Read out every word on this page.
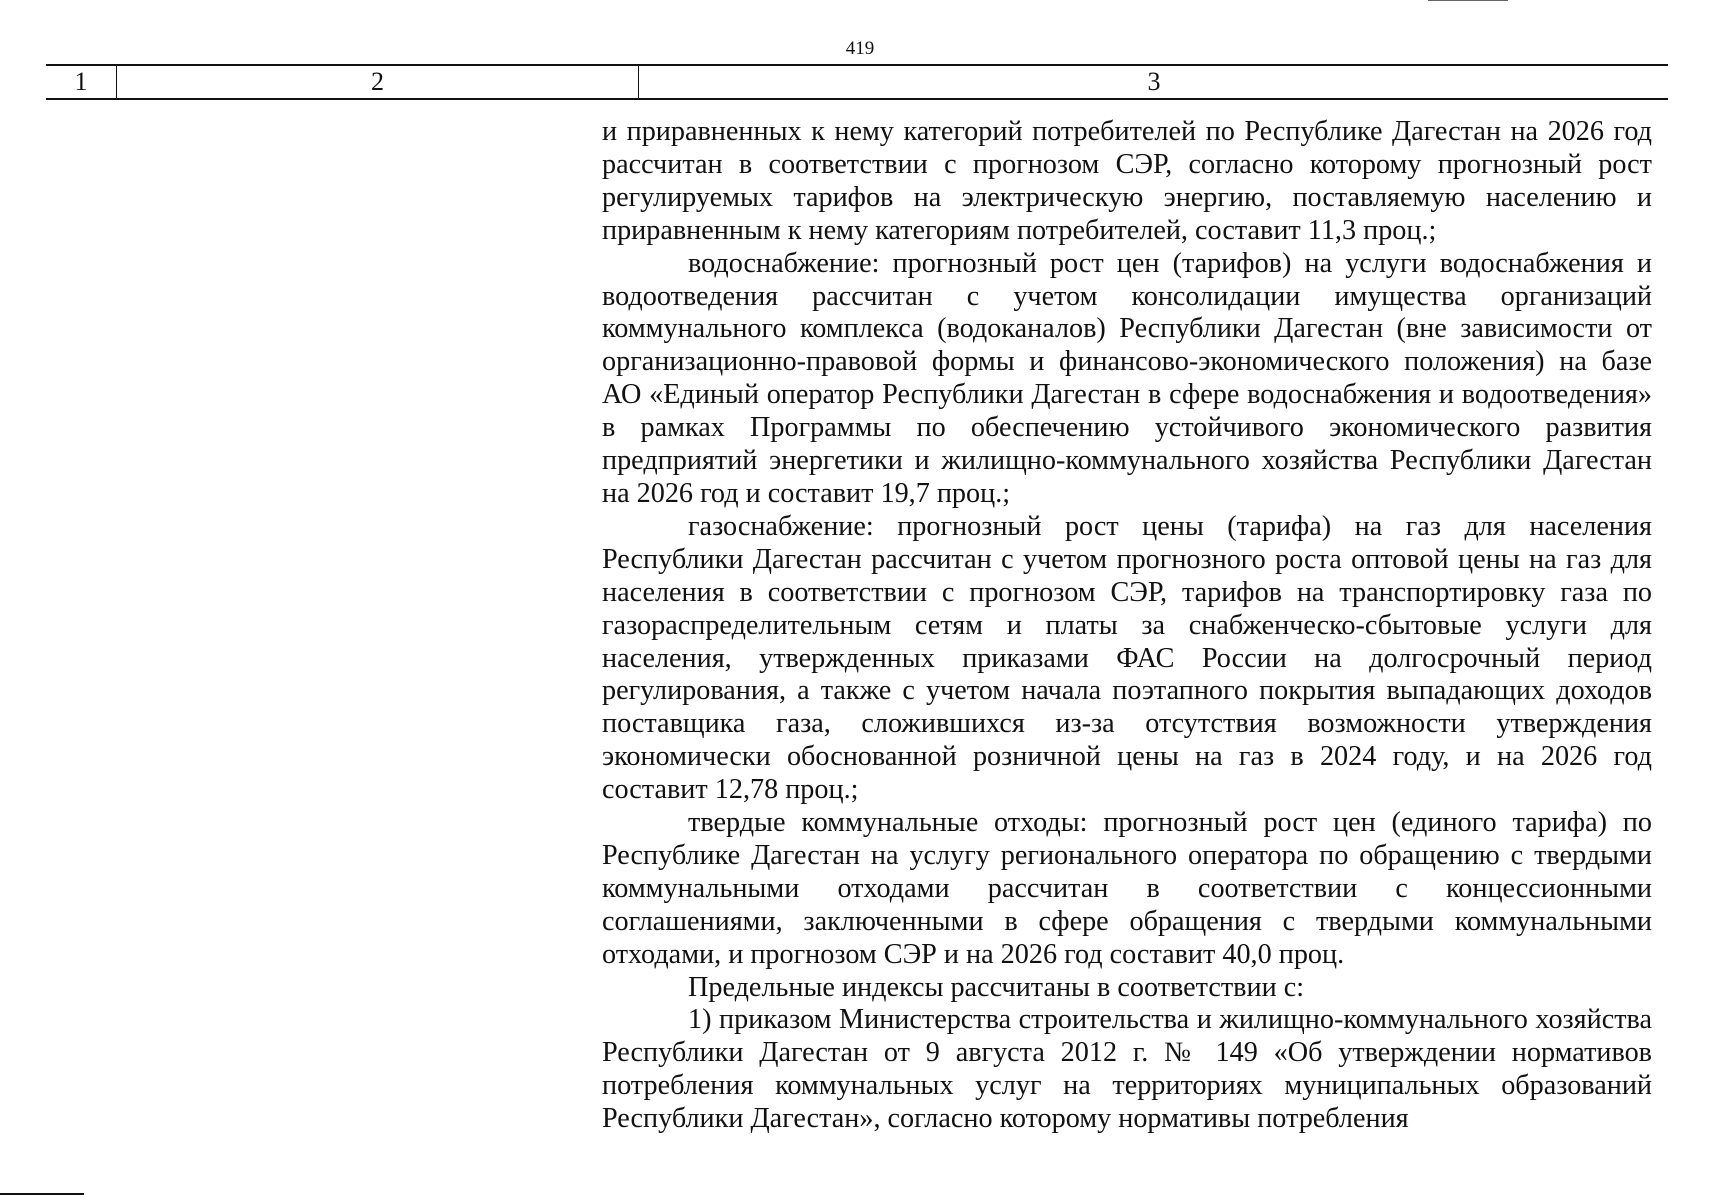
419
1	2	3

и приравненных к нему категорий потребителей по Республике Дагестан на 2026 год рассчитан в соответствии с прогнозом СЭР, согласно которому прогнозный рост регулируемых тарифов на электрическую энергию, поставляемую населению и приравненным к нему категориям потребителей, составит 11,3 проц.;

водоснабжение: прогнозный рост цен (тарифов) на услуги водоснабжения и водоотведения рассчитан с учетом консолидации имущества организаций коммунального комплекса (водоканалов) Республики Дагестан (вне зависимости от организационно-правовой формы и финансово-экономического положения) на базе АО «Единый оператор Республики Дагестан в сфере водоснабжения и водоотведения» в рамках Программы по обеспечению устойчивого экономического развития предприятий энергетики и жилищно-коммунального хозяйства Республики Дагестан на 2026 год и составит 19,7 проц.;

газоснабжение: прогнозный рост цены (тарифа) на газ для населения Республики Дагестан рассчитан с учетом прогнозного роста оптовой цены на газ для населения в соответствии с прогнозом СЭР, тарифов на транспортировку газа по газораспределительным сетям и платы за снабженческо-сбытовые услуги для населения, утвержденных приказами ФАС России на долгосрочный период регулирования, а также с учетом начала поэтапного покрытия выпадающих доходов поставщика газа, сложившихся из-за отсутствия возможности утверждения экономически обоснованной розничной цены на газ в 2024 году, и на 2026 год составит 12,78 проц.;

твердые коммунальные отходы: прогнозный рост цен (единого тарифа) по Республике Дагестан на услугу регионального оператора по обращению с твердыми коммунальными отходами рассчитан в соответствии с концессионными соглашениями, заключенными в сфере обращения с твердыми коммунальными отходами, и прогнозом СЭР и на 2026 год составит 40,0 проц.

Предельные индексы рассчитаны в соответствии с:

1) приказом Министерства строительства и жилищно-коммунального хозяйства Республики Дагестан от 9 августа 2012 г. № 149 «Об утверждении нормативов потребления коммунальных услуг на территориях муниципальных образований Республики Дагестан», согласно которому нормативы потребления
